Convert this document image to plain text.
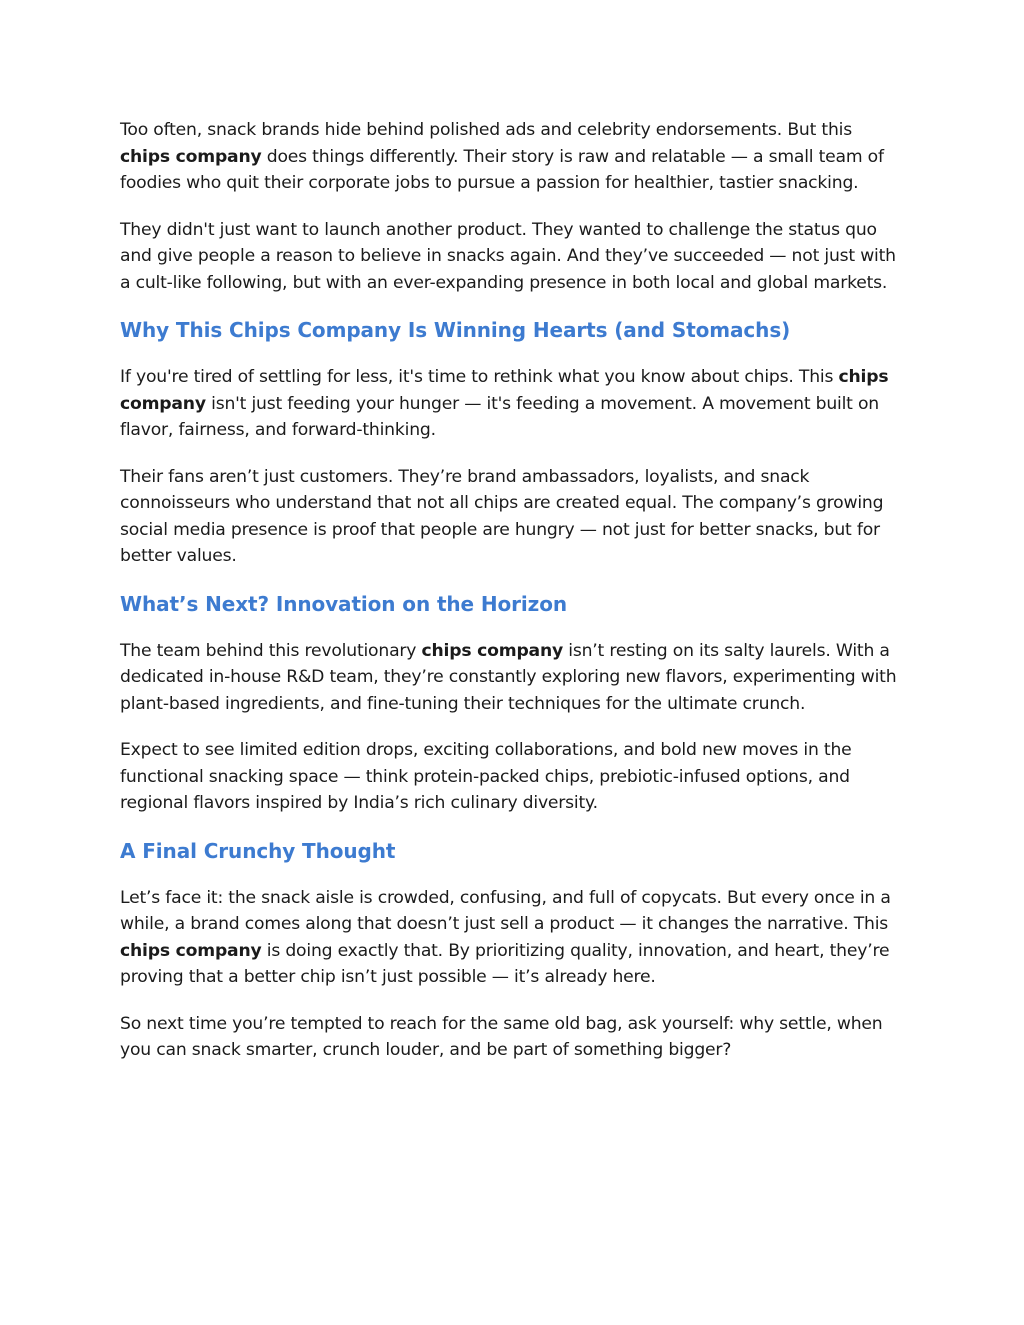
Too often, snack brands hide behind polished ads and celebrity endorsements. But this chips company does things differently. Their story is raw and relatable — a small team of foodies who quit their corporate jobs to pursue a passion for healthier, tastier snacking.

They didn't just want to launch another product. They wanted to challenge the status quo and give people a reason to believe in snacks again. And they’ve succeeded — not just with a cult-like following, but with an ever-expanding presence in both local and global markets.

Why This Chips Company Is Winning Hearts (and Stomachs)

If you're tired of settling for less, it's time to rethink what you know about chips. This chips company isn't just feeding your hunger — it's feeding a movement. A movement built on flavor, fairness, and forward-thinking.

Their fans aren’t just customers. They’re brand ambassadors, loyalists, and snack connoisseurs who understand that not all chips are created equal. The company’s growing social media presence is proof that people are hungry — not just for better snacks, but for better values.

What’s Next? Innovation on the Horizon

The team behind this revolutionary chips company isn’t resting on its salty laurels. With a dedicated in-house R&D team, they’re constantly exploring new flavors, experimenting with plant-based ingredients, and fine-tuning their techniques for the ultimate crunch.

Expect to see limited edition drops, exciting collaborations, and bold new moves in the functional snacking space — think protein-packed chips, prebiotic-infused options, and regional flavors inspired by India’s rich culinary diversity.

A Final Crunchy Thought

Let’s face it: the snack aisle is crowded, confusing, and full of copycats. But every once in a while, a brand comes along that doesn’t just sell a product — it changes the narrative. This chips company is doing exactly that. By prioritizing quality, innovation, and heart, they’re proving that a better chip isn’t just possible — it’s already here.

So next time you’re tempted to reach for the same old bag, ask yourself: why settle, when you can snack smarter, crunch louder, and be part of something bigger?
